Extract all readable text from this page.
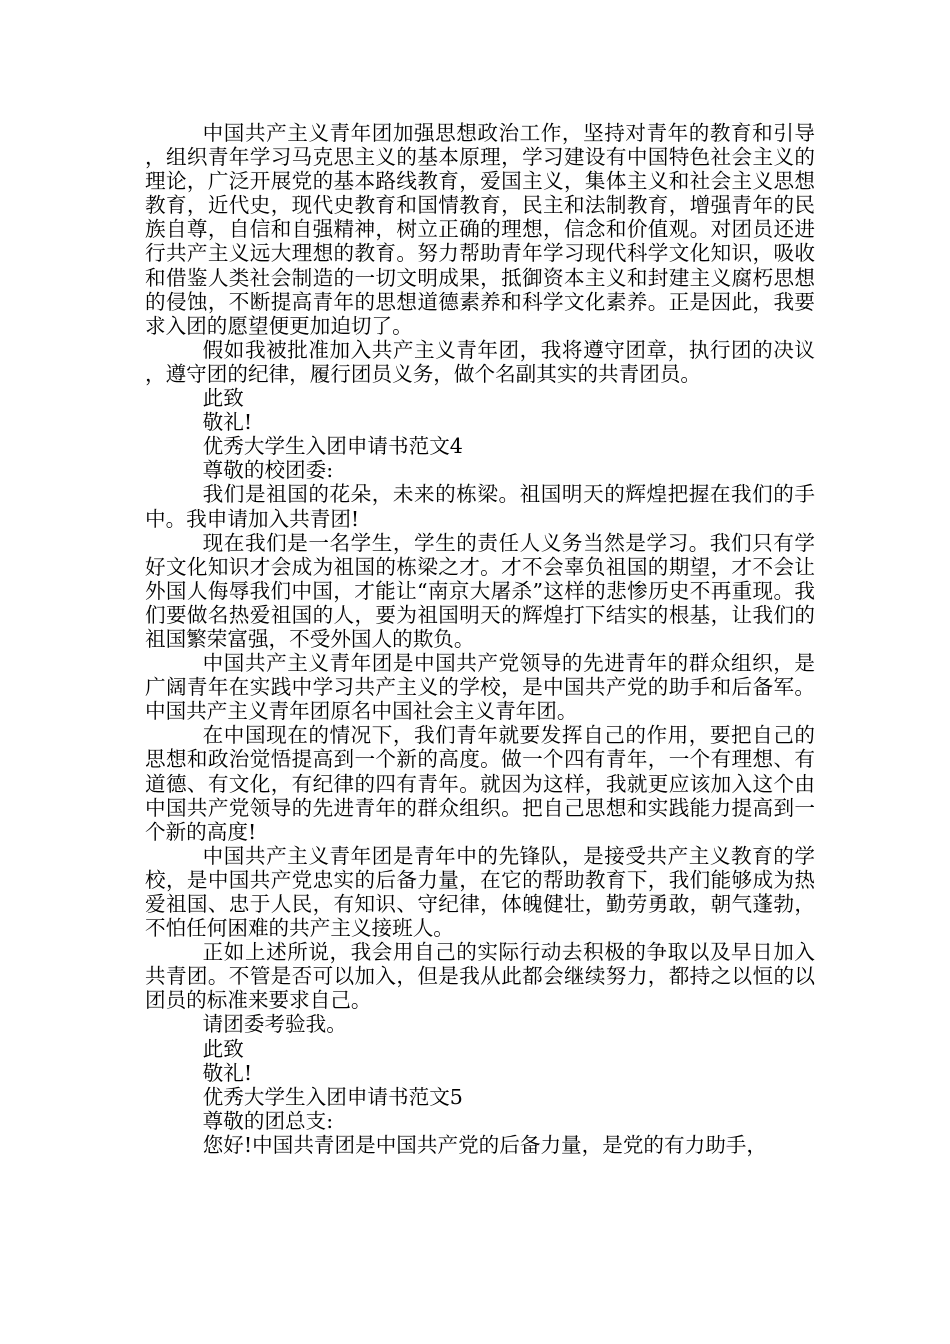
中国共产主义青年团加强思想政治工作，坚持对青年的教育和引导，组织青年学习马克思主义的基本原理，学习建设有中国特色社会主义的理论，广泛开展党的基本路线教育，爱国主义，集体主义和社会主义思想教育，近代史，现代史教育和国情教育，民主和法制教育，增强青年的民族自尊，自信和自强精神，树立正确的理想，信念和价值观。对团员还进行共产主义远大理想的教育。努力帮助青年学习现代科学文化知识，吸收和借鉴人类社会制造的一切文明成果，抵御资本主义和封建主义腐朽思想的侵蚀，不断提高青年的思想道德素养和科学文化素养。正是因此，我要求入团的愿望便更加迫切了。

假如我被批准加入共产主义青年团，我将遵守团章，执行团的决议，遵守团的纪律，履行团员义务，做个名副其实的共青团员。

此致

敬礼!

优秀大学生入团申请书范文4

尊敬的校团委:

我们是祖国的花朵，未来的栋梁。祖国明天的辉煌把握在我们的手中。我申请加入共青团!

现在我们是一名学生，学生的责任人义务当然是学习。我们只有学好文化知识才会成为祖国的栋梁之才。才不会辜负祖国的期望，才不会让外国人侮辱我们中国，才能让“南京大屠杀”这样的悲惨历史不再重现。我们要做名热爱祖国的人，要为祖国明天的辉煌打下结实的根基，让我们的祖国繁荣富强，不受外国人的欺负。

中国共产主义青年团是中国共产党领导的先进青年的群众组织，是广阔青年在实践中学习共产主义的学校，是中国共产党的助手和后备军。中国共产主义青年团原名中国社会主义青年团。

在中国现在的情况下，我们青年就要发挥自己的作用，要把自己的思想和政治觉悟提高到一个新的高度。做一个四有青年，一个有理想、有道德、有文化，有纪律的四有青年。就因为这样，我就更应该加入这个由中国共产党领导的先进青年的群众组织。把自己思想和实践能力提高到一个新的高度!

中国共产主义青年团是青年中的先锋队，是接受共产主义教育的学校，是中国共产党忠实的后备力量，在它的帮助教育下，我们能够成为热爱祖国、忠于人民，有知识、守纪律，体魄健壮，勤劳勇敢，朝气蓬勃，不怕任何困难的共产主义接班人。

正如上述所说，我会用自己的实际行动去积极的争取以及早日加入共青团。不管是否可以加入，但是我从此都会继续努力，都持之以恒的以团员的标准来要求自己。

请团委考验我。

此致

敬礼!

优秀大学生入团申请书范文5

尊敬的团总支:

您好!中国共青团是中国共产党的后备力量，是党的有力助手，
